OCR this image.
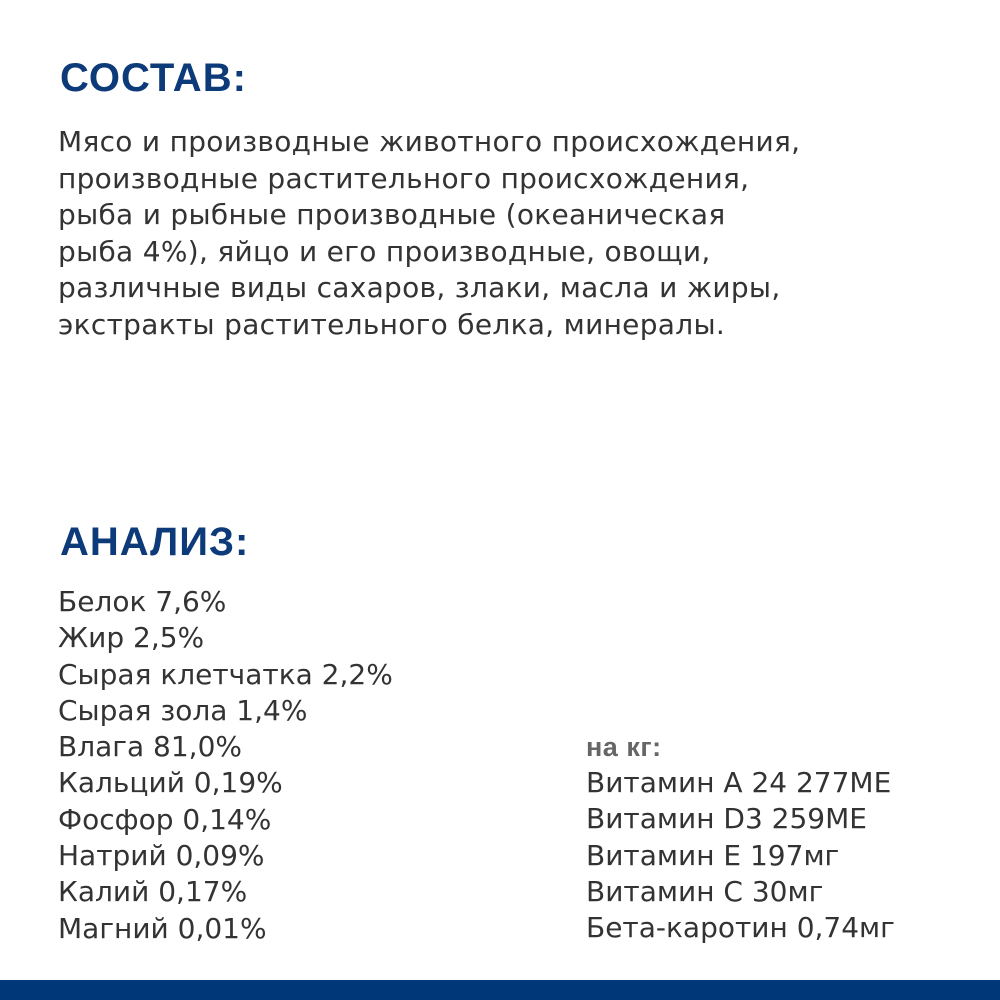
СОСТАВ:

Мясо и производные животного происхождения,
производные растительного происхождения,
рыба и рыбные производные (океаническая
рыба 4%), яйцо и его производные, овощи,
различные виды сахаров, злаки, масла и жиры,
экстракты растительного белка, минералы.

АНАЛИЗ:
Белок 7,6%
Жир 2,5%
Сырая клетчатка 2,2%
Сырая зола 1,4%
Влага 81,0%
Кальций 0,19%
Фосфор 0,14%
Натрий 0,09%
Калий 0,17%
Магний 0,01%
на кг:
Витамин А 24 277МЕ
Витамин D3 259МЕ
Витамин Е 197мг
Витамин С 30мг
Бета-каротин 0,74мг
